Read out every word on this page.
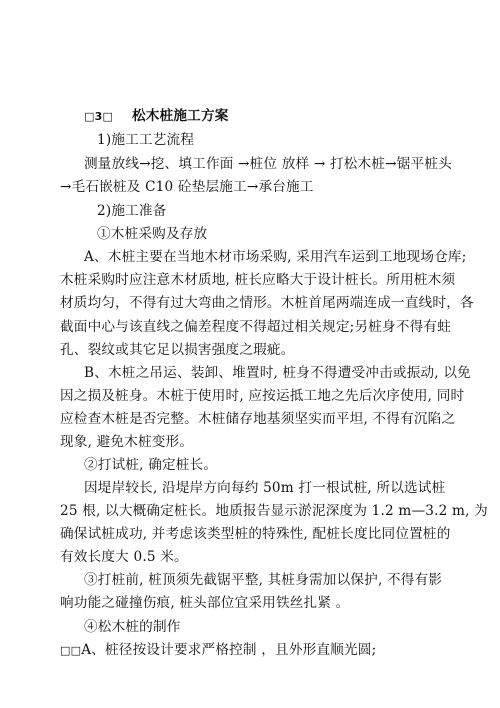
□3□ 松木桩施工方案
1)施工工艺流程
测量放线→挖、填工作面 →桩位 放样 → 打松木桩→锯平桩头
→毛石嵌桩及 C10 砼垫层施工→承台施工
2)施工准备
①木桩采购及存放
A、木桩主要在当地木材市场采购, 采用汽车运到工地现场仓库;
木桩采购时应注意木材质地, 桩长应略大于设计桩长。所用桩木须
材质均匀，不得有过大弯曲之情形。木桩首尾两端连成一直线时，各
截面中心与该直线之偏差程度不得超过相关规定;另桩身不得有蛀
孔、裂纹或其它足以损害强度之瑕疵。
B、木桩之吊运、装卸、堆置时, 桩身不得遭受冲击或振动, 以免
因之损及桩身。木桩于使用时, 应按运抵工地之先后次序使用, 同时
应检查木桩是否完整。木桩储存地基须坚实而平坦, 不得有沉陷之
现象, 避免木桩变形。
②打试桩, 确定桩长。
因堤岸较长, 沿堤岸方向每约 50m 打一根试桩, 所以选试桩
25 根, 以大概确定桩长。地质报告显示淤泥深度为 1.2 m—3.2 m, 为
确保试桩成功, 并考虑该类型桩的特殊性, 配桩长度比同位置桩的
有效长度大 0.5 米。
③打桩前, 桩顶须先截锯平整, 其桩身需加以保护, 不得有影
响功能之碰撞伤痕, 桩头部位宜采用铁丝扎紧 。
④松木桩的制作
□□A、桩径按设计要求严格控制 ，且外形直顺光圆;
